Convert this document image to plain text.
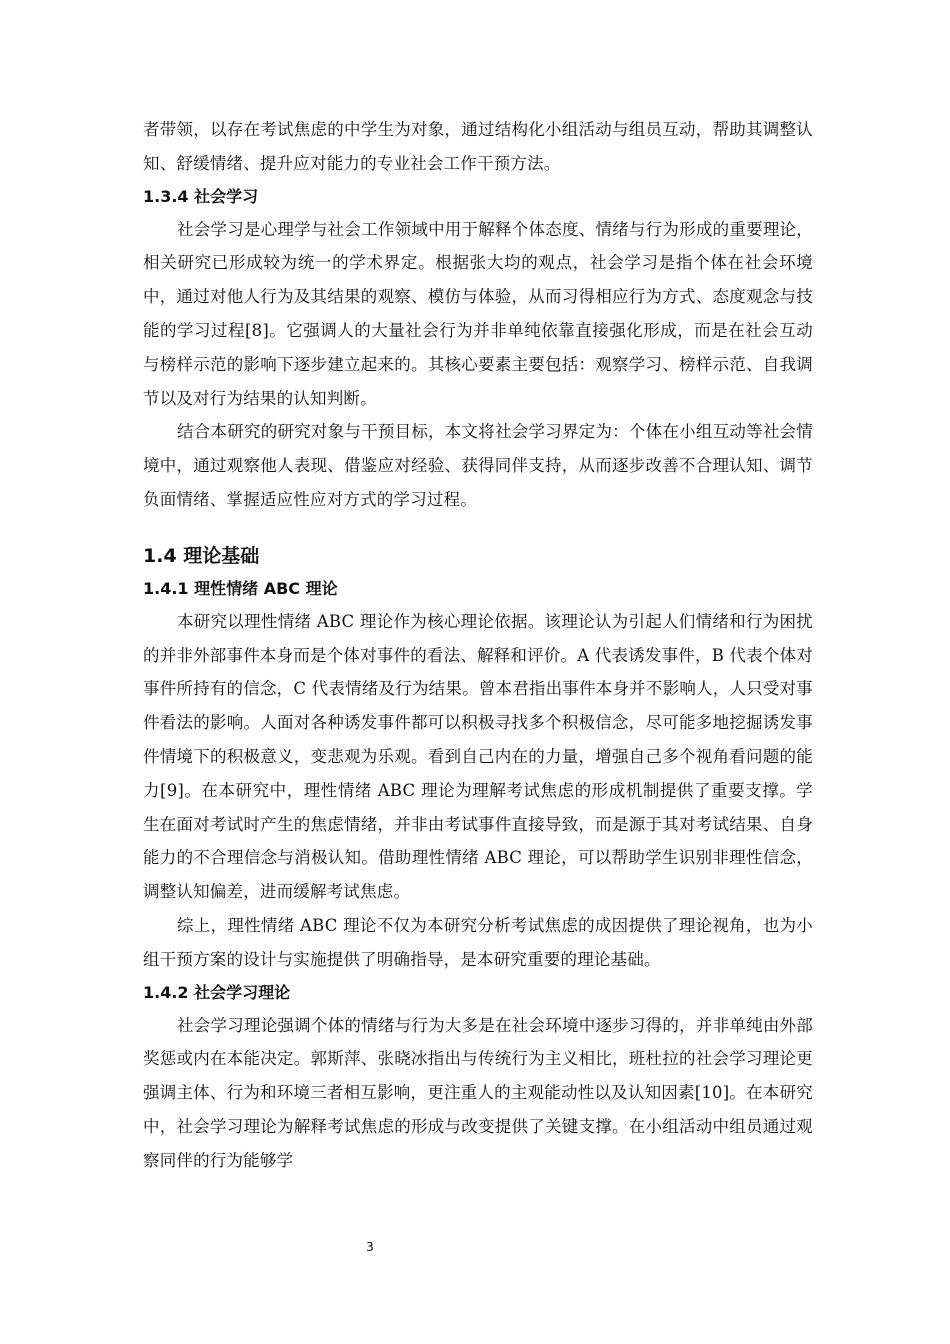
者带领，以存在考试焦虑的中学生为对象，通过结构化小组活动与组员互动，帮助其调整认知、舒缓情绪、提升应对能力的专业社会工作干预方法。

1.3.4 社会学习

社会学习是心理学与社会工作领域中用于解释个体态度、情绪与行为形成的重要理论，相关研究已形成较为统一的学术界定。根据张大均的观点，社会学习是指个体在社会环境中，通过对他人行为及其结果的观察、模仿与体验，从而习得相应行为方式、态度观念与技能的学习过程[8]。它强调人的大量社会行为并非单纯依靠直接强化形成，而是在社会互动与榜样示范的影响下逐步建立起来的。其核心要素主要包括：观察学习、榜样示范、自我调节以及对行为结果的认知判断。

结合本研究的研究对象与干预目标，本文将社会学习界定为：个体在小组互动等社会情境中，通过观察他人表现、借鉴应对经验、获得同伴支持，从而逐步改善不合理认知、调节负面情绪、掌握适应性应对方式的学习过程。

1.4 理论基础
1.4.1 理性情绪 ABC 理论

本研究以理性情绪 ABC 理论作为核心理论依据。该理论认为引起人们情绪和行为困扰的并非外部事件本身而是个体对事件的看法、解释和评价。A 代表诱发事件，B 代表个体对事件所持有的信念，C 代表情绪及行为结果。曾本君指出事件本身并不影响人，人只受对事件看法的影响。人面对各种诱发事件都可以积极寻找多个积极信念，尽可能多地挖掘诱发事件情境下的积极意义，变悲观为乐观。看到自己内在的力量，增强自己多个视角看问题的能力[9]。在本研究中，理性情绪 ABC 理论为理解考试焦虑的形成机制提供了重要支撑。学生在面对考试时产生的焦虑情绪，并非由考试事件直接导致，而是源于其对考试结果、自身能力的不合理信念与消极认知。借助理性情绪 ABC 理论，可以帮助学生识别非理性信念，调整认知偏差，进而缓解考试焦虑。

综上，理性情绪 ABC 理论不仅为本研究分析考试焦虑的成因提供了理论视角，也为小组干预方案的设计与实施提供了明确指导，是本研究重要的理论基础。

1.4.2 社会学习理论

社会学习理论强调个体的情绪与行为大多是在社会环境中逐步习得的，并非单纯由外部奖惩或内在本能决定。郭斯萍、张晓冰指出与传统行为主义相比，班杜拉的社会学习理论更强调主体、行为和环境三者相互影响，更注重人的主观能动性以及认知因素[10]。在本研究中，社会学习理论为解释考试焦虑的形成与改变提供了关键支撑。在小组活动中组员通过观察同伴的行为能够学

3
